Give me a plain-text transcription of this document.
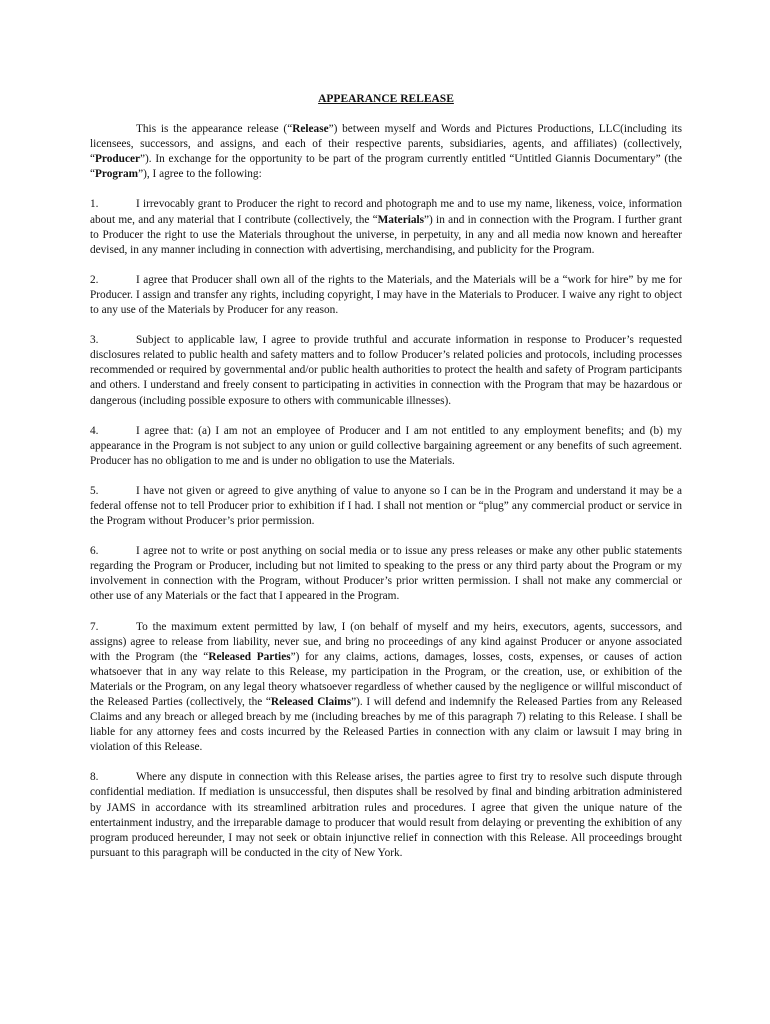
APPEARANCE RELEASE
This is the appearance release (“Release”) between myself and Words and Pictures Productions, LLC(including its licensees, successors, and assigns, and each of their respective parents, subsidiaries, agents, and affiliates) (collectively, “Producer”). In exchange for the opportunity to be part of the program currently entitled “Untitled Giannis Documentary” (the “Program”), I agree to the following:
1.	I irrevocably grant to Producer the right to record and photograph me and to use my name, likeness, voice, information about me, and any material that I contribute (collectively, the “Materials”) in and in connection with the Program. I further grant to Producer the right to use the Materials throughout the universe, in perpetuity, in any and all media now known and hereafter devised, in any manner including in connection with advertising, merchandising, and publicity for the Program.
2.	I agree that Producer shall own all of the rights to the Materials, and the Materials will be a “work for hire” by me for Producer. I assign and transfer any rights, including copyright, I may have in the Materials to Producer. I waive any right to object to any use of the Materials by Producer for any reason.
3.	Subject to applicable law, I agree to provide truthful and accurate information in response to Producer’s requested disclosures related to public health and safety matters and to follow Producer’s related policies and protocols, including processes recommended or required by governmental and/or public health authorities to protect the health and safety of Program participants and others. I understand and freely consent to participating in activities in connection with the Program that may be hazardous or dangerous (including possible exposure to others with communicable illnesses).
4.	I agree that: (a) I am not an employee of Producer and I am not entitled to any employment benefits; and (b) my appearance in the Program is not subject to any union or guild collective bargaining agreement or any benefits of such agreement. Producer has no obligation to me and is under no obligation to use the Materials.
5.	I have not given or agreed to give anything of value to anyone so I can be in the Program and understand it may be a federal offense not to tell Producer prior to exhibition if I had. I shall not mention or “plug” any commercial product or service in the Program without Producer’s prior permission.
6.	I agree not to write or post anything on social media or to issue any press releases or make any other public statements regarding the Program or Producer, including but not limited to speaking to the press or any third party about the Program or my involvement in connection with the Program, without Producer’s prior written permission. I shall not make any commercial or other use of any Materials or the fact that I appeared in the Program.
7.	To the maximum extent permitted by law, I (on behalf of myself and my heirs, executors, agents, successors, and assigns) agree to release from liability, never sue, and bring no proceedings of any kind against Producer or anyone associated with the Program (the “Released Parties”) for any claims, actions, damages, losses, costs, expenses, or causes of action whatsoever that in any way relate to this Release, my participation in the Program, or the creation, use, or exhibition of the Materials or the Program, on any legal theory whatsoever regardless of whether caused by the negligence or willful misconduct of the Released Parties (collectively, the “Released Claims”). I will defend and indemnify the Released Parties from any Released Claims and any breach or alleged breach by me (including breaches by me of this paragraph 7) relating to this Release. I shall be liable for any attorney fees and costs incurred by the Released Parties in connection with any claim or lawsuit I may bring in violation of this Release.
8.	Where any dispute in connection with this Release arises, the parties agree to first try to resolve such dispute through confidential mediation. If mediation is unsuccessful, then disputes shall be resolved by final and binding arbitration administered by JAMS in accordance with its streamlined arbitration rules and procedures. I agree that given the unique nature of the entertainment industry, and the irreparable damage to producer that would result from delaying or preventing the exhibition of any program produced hereunder, I may not seek or obtain injunctive relief in connection with this Release. All proceedings brought pursuant to this paragraph will be conducted in the city of New York.
